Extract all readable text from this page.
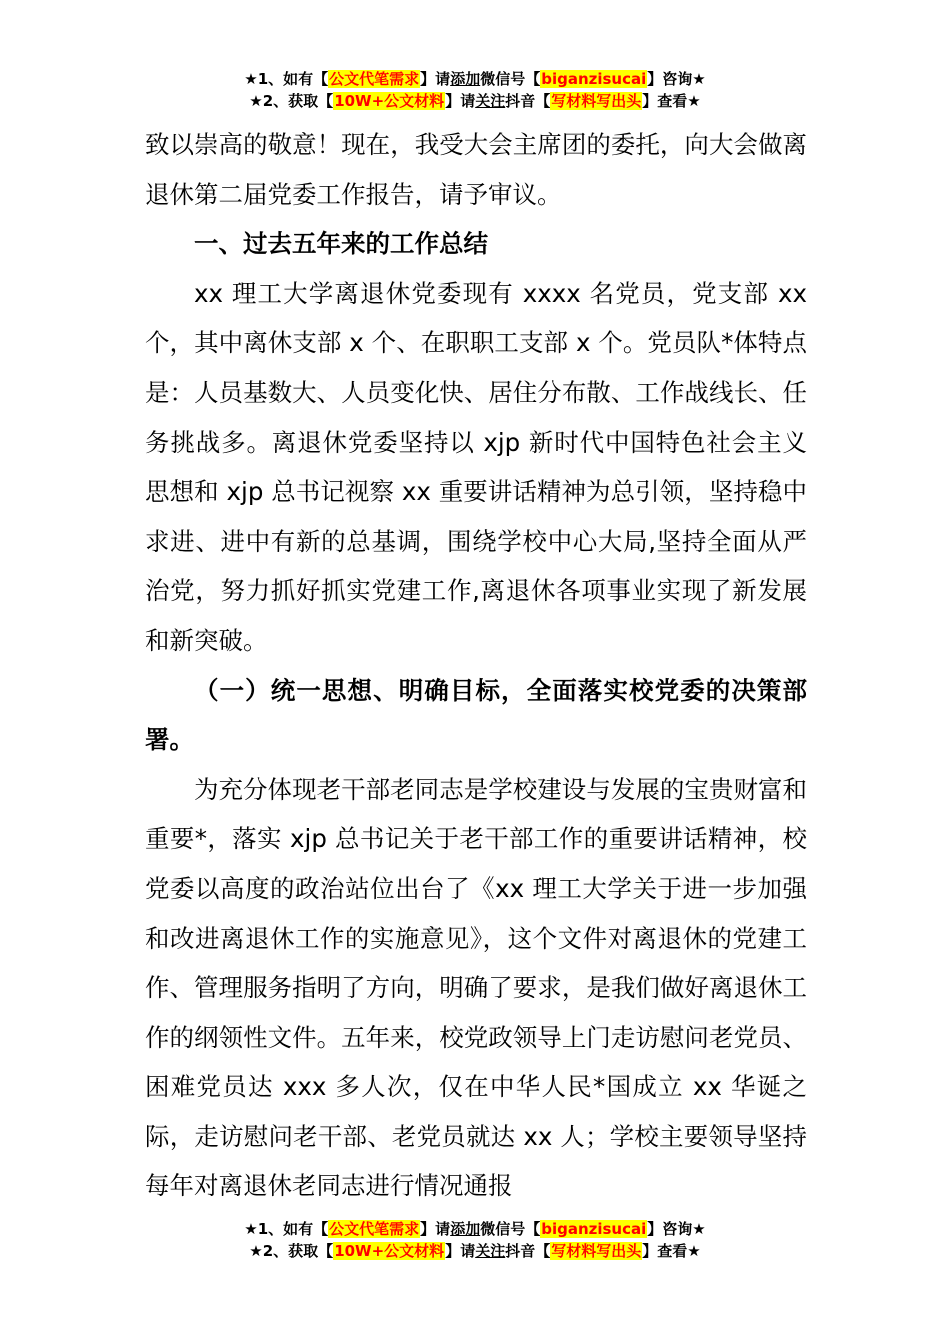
★1、如有【公文代笔需求】请添加微信号【biganzisucai】咨询★
★2、获取【10W+公文材料】请关注抖音【写材料写出头】查看★

致以崇高的敬意！现在，我受大会主席团的委托，向大会做离退休第二届党委工作报告，请予审议。

一、过去五年来的工作总结

xx 理工大学离退休党委现有 xxxx 名党员，党支部 xx 个，其中离休支部 x 个、在职职工支部 x 个。党员队*体特点是：人员基数大、人员变化快、居住分布散、工作战线长、任务挑战多。离退休党委坚持以 xjp 新时代中国特色社会主义思想和 xjp 总书记视察 xx 重要讲话精神为总引领，坚持稳中求进、进中有新的总基调，围绕学校中心大局,坚持全面从严治党，努力抓好抓实党建工作,离退休各项事业实现了新发展和新突破。

（一）统一思想、明确目标，全面落实校党委的决策部署。

为充分体现老干部老同志是学校建设与发展的宝贵财富和重要*，落实 xjp 总书记关于老干部工作的重要讲话精神，校党委以高度的政治站位出台了《xx 理工大学关于进一步加强和改进离退休工作的实施意见》，这个文件对离退休的党建工作、管理服务指明了方向，明确了要求，是我们做好离退休工作的纲领性文件。五年来，校党政领导上门走访慰问老党员、困难党员达 xxx 多人次，仅在中华人民*国成立 xx 华诞之际，走访慰问老干部、老党员就达 xx 人；学校主要领导坚持每年对离退休老同志进行情况通报

★1、如有【公文代笔需求】请添加微信号【biganzisucai】咨询★
★2、获取【10W+公文材料】请关注抖音【写材料写出头】查看★
